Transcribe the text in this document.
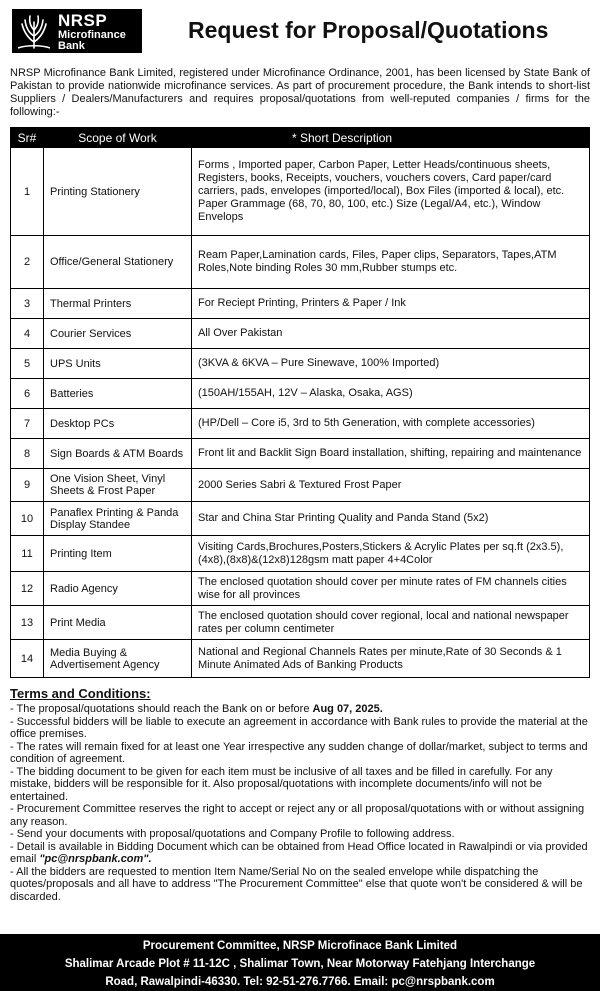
NRSP
Microfinance
Bank
Request for Proposal/Quotations
NRSP Microfinance Bank Limited, registered under Microfinance Ordinance, 2001, has been licensed by State Bank of Pakistan to provide nationwide microfinance services. As part of procurement procedure, the Bank intends to short-list Suppliers / Dealers/Manufacturers and requires proposal/quotations from well-reputed companies / firms for the following:-
Sr#	Scope of Work	* Short Description
1	Printing Stationery	Forms , Imported paper, Carbon Paper, Letter Heads/continuous sheets, Registers, books, Receipts, vouchers, vouchers covers, Card paper/card carriers, pads, envelopes (imported/local), Box Files (imported & local), etc. Paper Grammage (68, 70, 80, 100, etc.) Size (Legal/A4, etc.), Window Envelops
2	Office/General Stationery	Ream Paper,Lamination cards, Files, Paper clips, Separators, Tapes,ATM Roles,Note binding Roles 30 mm,Rubber stumps etc.
3	Thermal Printers	For Reciept Printing, Printers & Paper / Ink
4	Courier Services	All Over Pakistan
5	UPS Units	(3KVA & 6KVA – Pure Sinewave, 100% Imported)
6	Batteries	(150AH/155AH, 12V – Alaska, Osaka, AGS)
7	Desktop PCs	(HP/Dell – Core i5, 3rd to 5th Generation, with complete accessories)
8	Sign Boards & ATM Boards	Front lit and Backlit Sign Board installation, shifting, repairing and maintenance
9	One Vision Sheet, Vinyl Sheets & Frost Paper	2000 Series Sabri & Textured Frost Paper
10	Panaflex Printing & Panda Display Standee	Star and China Star Printing Quality and Panda Stand (5x2)
11	Printing Item	Visiting Cards,Brochures,Posters,Stickers & Acrylic Plates per sq.ft (2x3.5),(4x8),(8x8)&(12x8)128gsm matt paper 4+4Color
12	Radio Agency	The enclosed quotation should cover per minute rates of FM channels cities wise for all provinces
13	Print Media	The enclosed quotation should cover regional, local and national newspaper rates per column centimeter
14	Media Buying & Advertisement Agency	National and Regional Channels Rates per minute,Rate of 30 Seconds & 1 Minute Animated Ads of Banking Products
Terms and Conditions:

- The proposal/quotations should reach the Bank on or before Aug 07, 2025.

- Successful bidders will be liable to execute an agreement in accordance with Bank rules to provide the material at the office premises.

- The rates will remain fixed for at least one Year irrespective any sudden change of dollar/market, subject to terms and condition of agreement.

- The bidding document to be given for each item must be inclusive of all taxes and be filled in carefully. For any mistake, bidders will be responsible for it. Also proposal/quotations with incomplete documents/info will not be entertained.

- Procurement Committee reserves the right to accept or reject any or all proposal/quotations with or without assigning any reason.

- Send your documents with proposal/quotations and Company Profile to following address.

- Detail is available in Bidding Document which can be obtained from Head Office located in Rawalpindi or via provided email "pc@nrspbank.com".

- All the bidders are requested to mention Item Name/Serial No on the sealed envelope while dispatching the quotes/proposals and all have to address "The Procurement Committee" else that quote won't be considered & will be discarded.

Procurement Committee, NRSP Microfinace Bank Limited
Shalimar Arcade Plot # 11-12C , Shalimar Town, Near Motorway Fatehjang Interchange
Road, Rawalpindi-46330. Tel: 92-51-276.7766. Email: pc@nrspbank.com
